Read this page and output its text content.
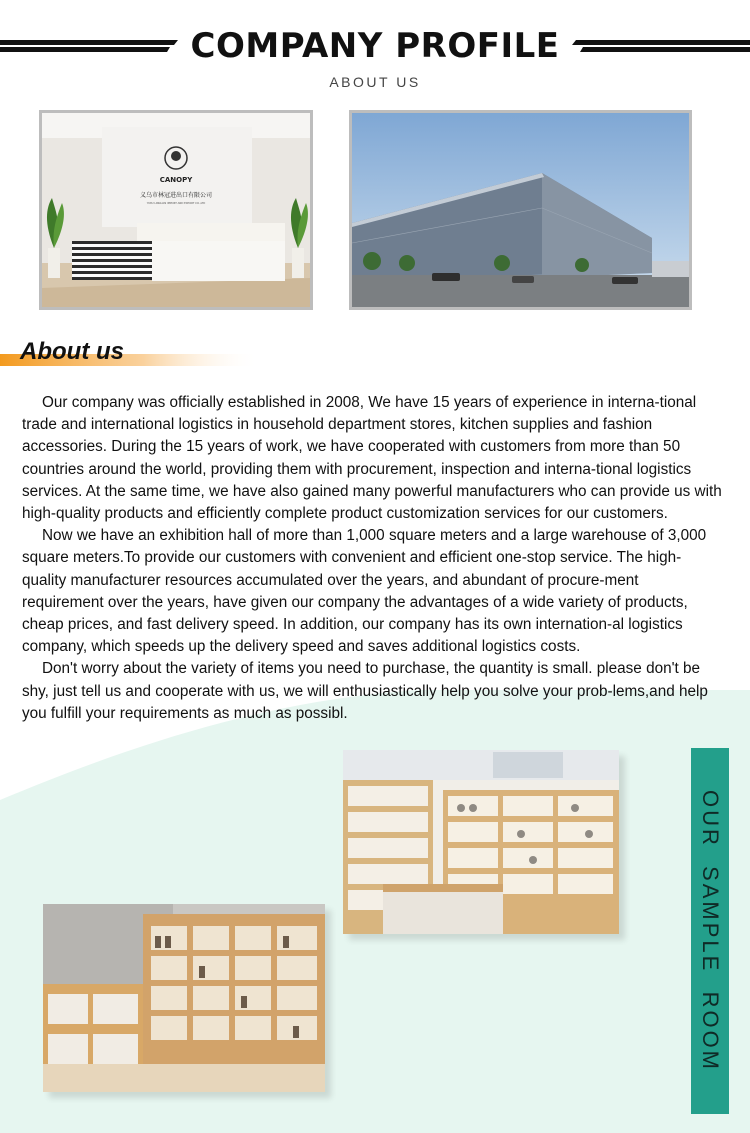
COMPANY PROFILE
ABOUT US
CANOPY
义乌市林冠进出口有限公司
YIWU LINGUAN IMPORT AND EXPORT CO.,LTD
About us

Our company was officially established in 2008, We have 15 years of experience in interna-tional trade and international logistics in household department stores, kitchen supplies and fashion accessories. During the 15 years of work, we have cooperated with customers from more than 50 countries around the world, providing them with procurement, inspection and interna-tional logistics services. At the same time, we have also gained many powerful manufacturers who can provide us with high-quality products and efficiently complete product customization services for our customers.

Now we have an exhibition hall of more than 1,000 square meters and a large warehouse of 3,000 square meters.To provide our customers with convenient and efficient one-stop service. The high-quality manufacturer resources accumulated over the years, and abundant of procure-ment requirement over the years, have given our company the advantages of a wide variety of products, cheap prices, and fast delivery speed. In addition, our company has its own internation-al logistics company, which speeds up the delivery speed and saves additional logistics costs.

Don't worry about the variety of items you need to purchase, the quantity is small. please don't be shy, just tell us and cooperate with us, we will enthusiastically help you solve your prob-lems,and help you fulfill your requirements as much as possibl.

OUR  SAMPLE  ROOM
